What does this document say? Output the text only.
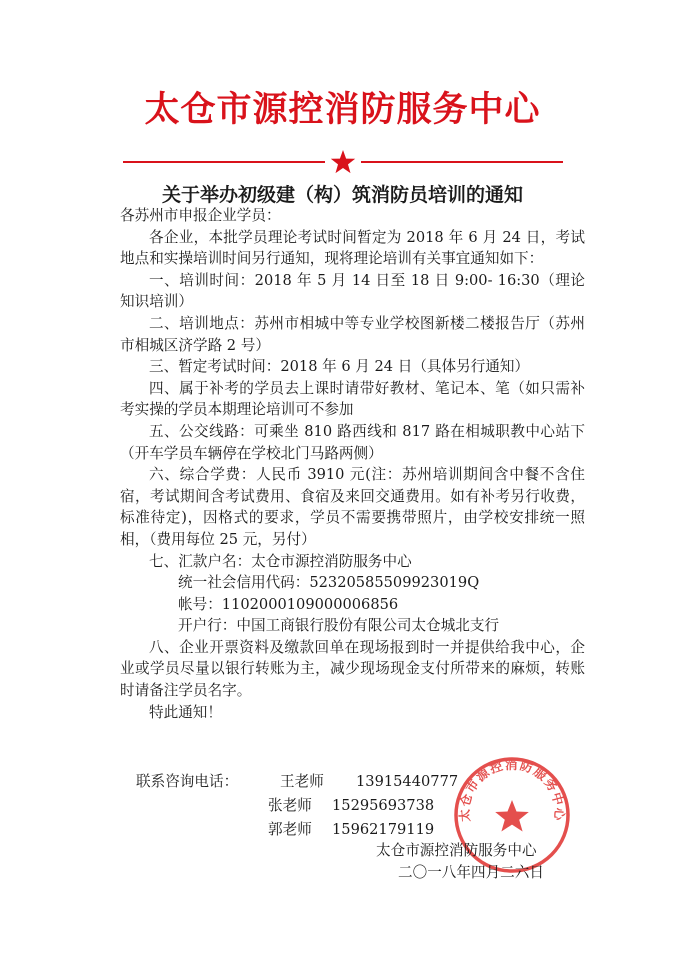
太仓市源控消防服务中心
关于举办初级建（构）筑消防员培训的通知

各苏州市申报企业学员：

各企业，本批学员理论考试时间暂定为 2018 年 6 月 24 日，考试地点和实操培训时间另行通知，现将理论培训有关事宜通知如下：

一、培训时间：2018 年 5 月 14 日至 18 日 9:00- 16:30（理论知识培训）

二、培训地点：苏州市相城中等专业学校图新楼二楼报告厅（苏州市相城区济学路 2 号）

三、暂定考试时间：2018 年 6 月 24 日（具体另行通知）

四、属于补考的学员去上课时请带好教材、笔记本、笔（如只需补考实操的学员本期理论培训可不参加

五、公交线路：可乘坐 810 路西线和 817 路在相城职教中心站下（开车学员车辆停在学校北门马路两侧）

六、综合学费：人民币 3910 元(注：苏州培训期间含中餐不含住宿，考试期间含考试费用、食宿及来回交通费用。如有补考另行收费，标准待定)，因格式的要求，学员不需要携带照片，由学校安排统一照相，（费用每位 25 元，另付）

七、汇款户名：太仓市源控消防服务中心

统一社会信用代码：52320585509923019Q

帐号：1102000109000006856

开户行：中国工商银行股份有限公司太仓城北支行

八、企业开票资料及缴款回单在现场报到时一并提供给我中心，企业或学员尽量以银行转账为主，减少现场现金支付所带来的麻烦，转账时请备注学员名字。

特此通知！

联系咨询电话：	王老师 13915440777
张老师 15295693738
郭老师 15962179119
太仓市源控消防服务中心
太仓市源控消防服务中心
二〇一八年四月二六日
